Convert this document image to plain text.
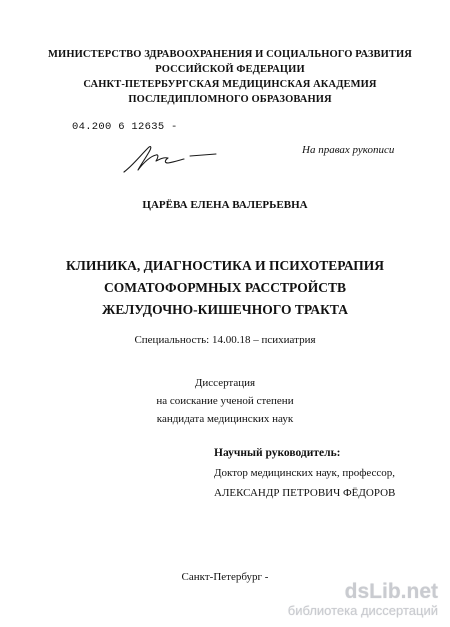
МИНИСТЕРСТВО ЗДРАВООХРАНЕНИЯ И СОЦИАЛЬНОГО РАЗВИТИЯ
РОССИЙСКОЙ ФЕДЕРАЦИИ
САНКТ-ПЕТЕРБУРГСКАЯ МЕДИЦИНСКАЯ АКАДЕМИЯ
ПОСЛЕДИПЛОМНОГО ОБРАЗОВАНИЯ
04.200 6 12635 -
На правах рукописи
ЦАРЁВА ЕЛЕНА ВАЛЕРЬЕВНА
КЛИНИКА, ДИАГНОСТИКА И ПСИХОТЕРАПИЯ
СОМАТОФОРМНЫХ РАССТРОЙСТВ
ЖЕЛУДОЧНО-КИШЕЧНОГО ТРАКТА
Специальность: 14.00.18 – психиатрия
Диссертация
на соискание ученой степени
кандидата медицинских наук
Научный руководитель:
Доктор медицинских наук, профессор,
АЛЕКСАНДР ПЕТРОВИЧ ФЁДОРОВ
Санкт-Петербург -
dsLib.net
библиотека диссертаций
